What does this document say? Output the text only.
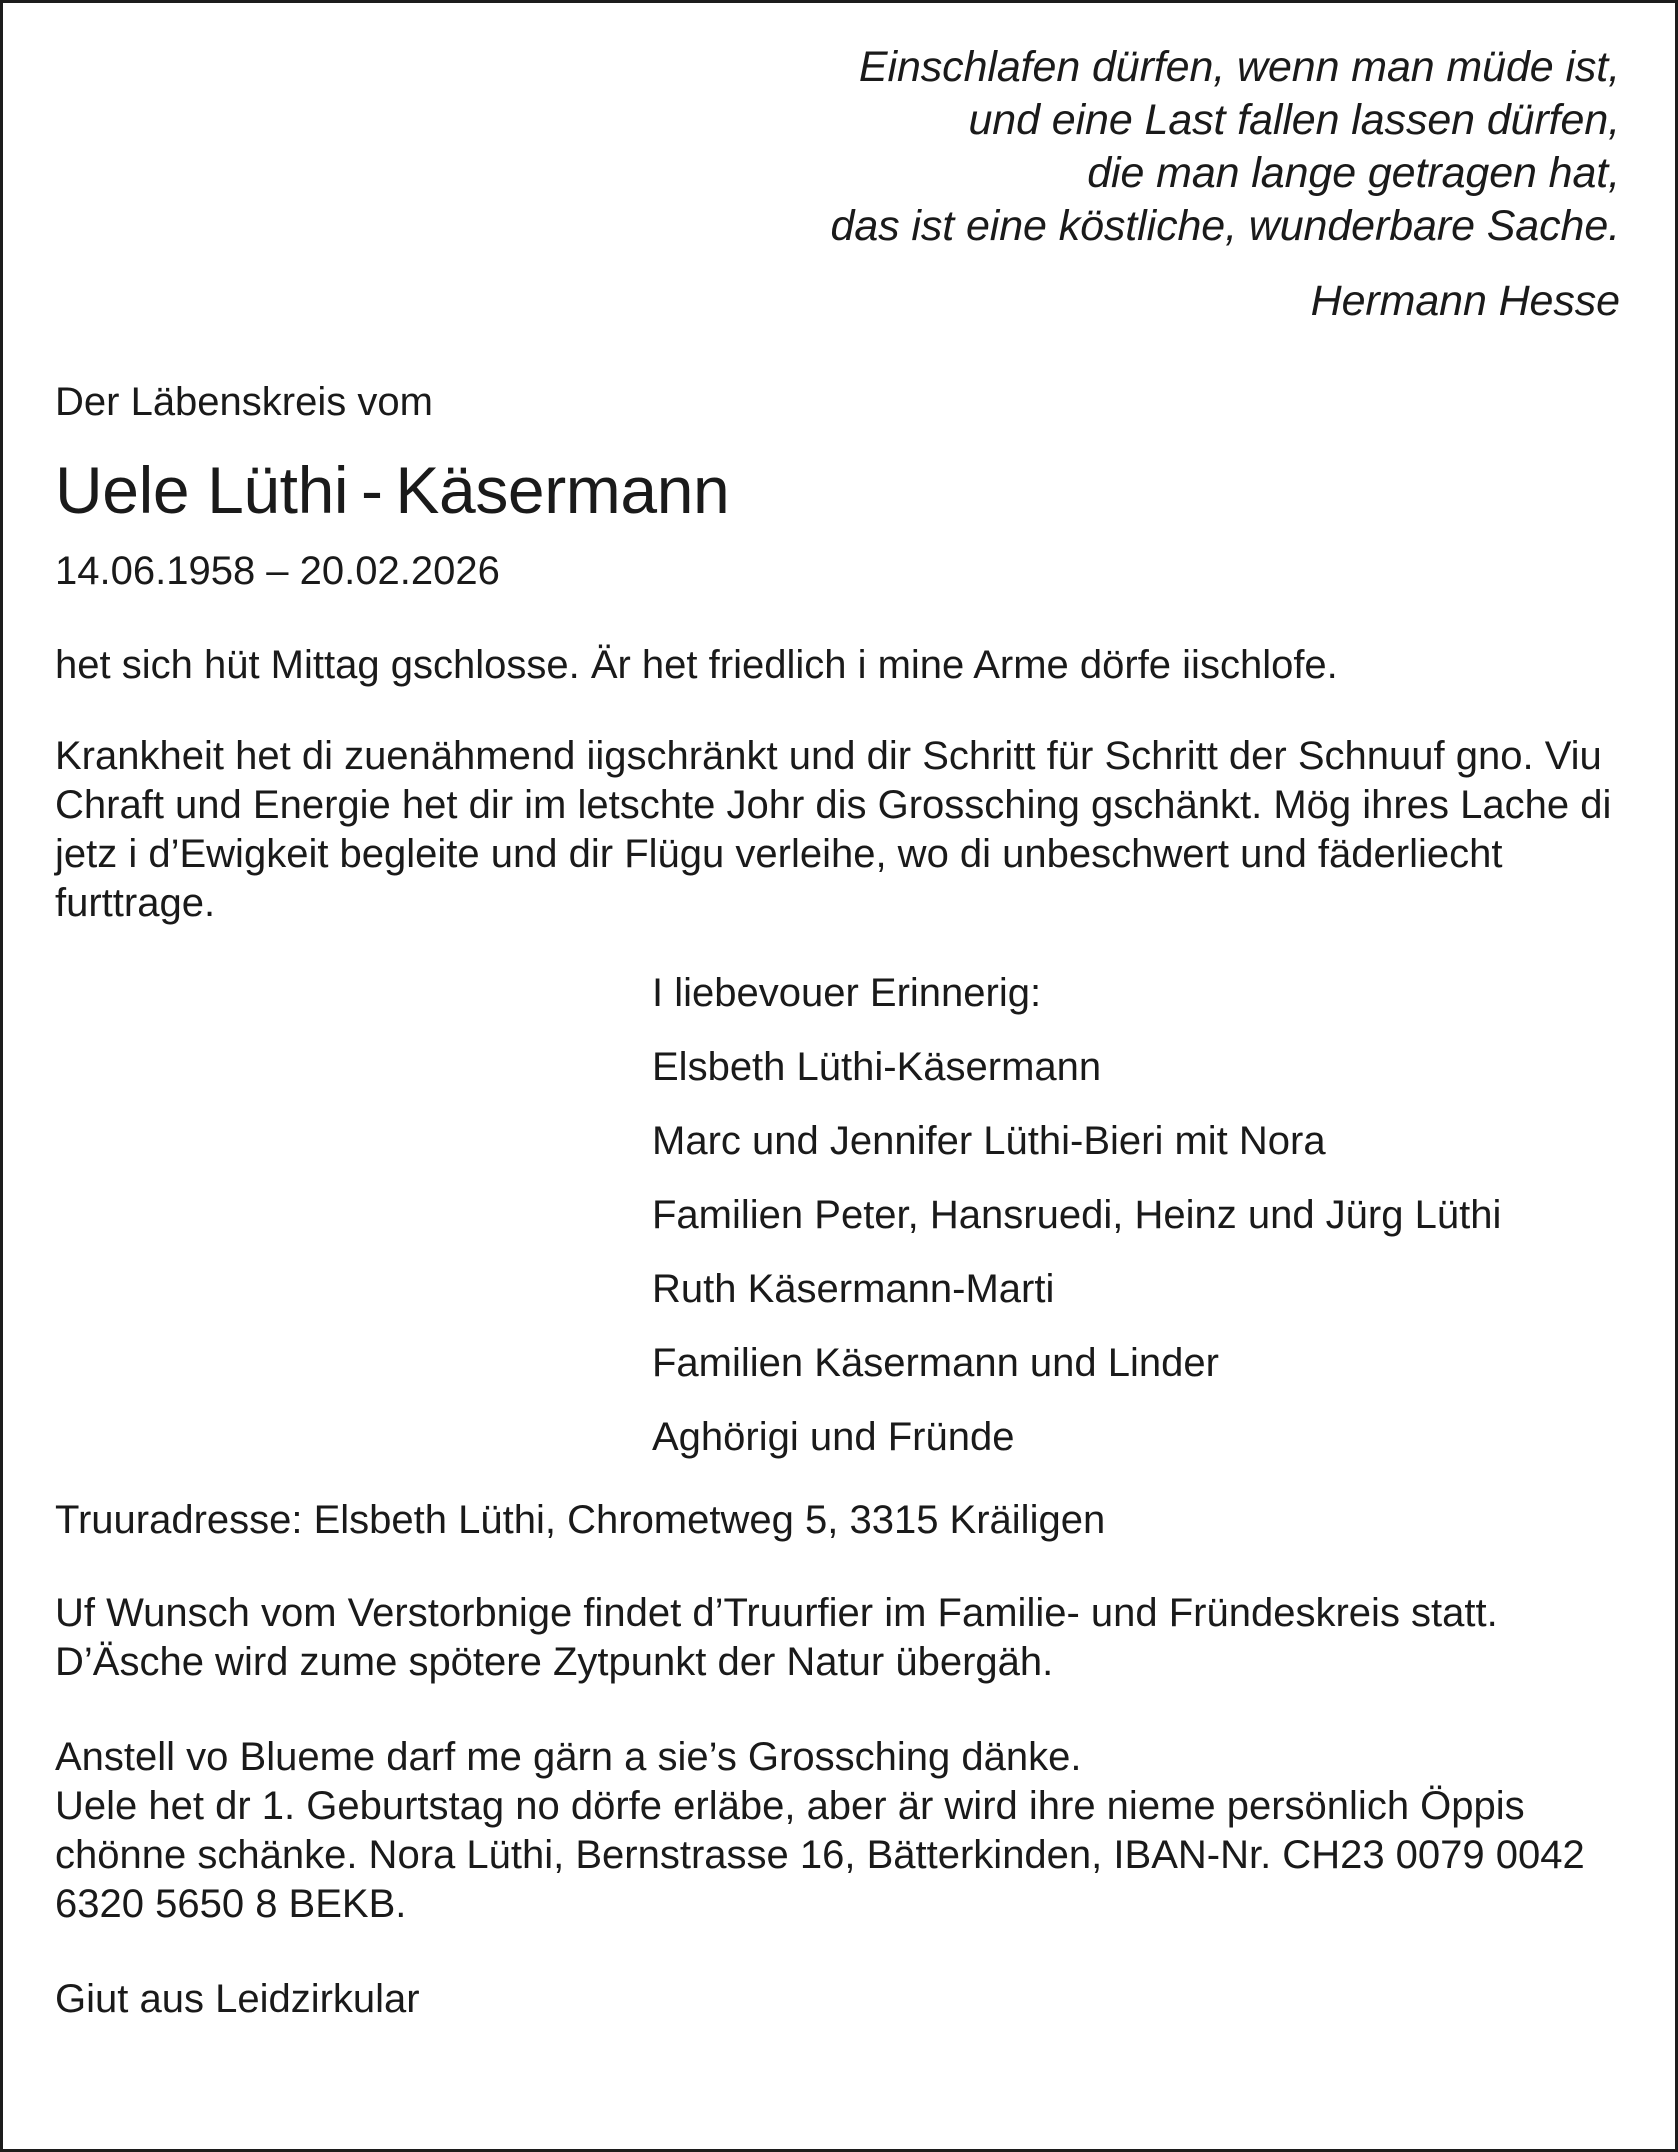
Einschlafen dürfen, wenn man müde ist,
und eine Last fallen lassen dürfen,
die man lange getragen hat,
das ist eine köstliche, wunderbare Sache.
Hermann Hesse
Der Läbenskreis vom
Uele Lüthi - Käsermann
14.06.1958 – 20.02.2026
het sich hüt Mittag gschlosse. Är het friedlich i mine Arme dörfe iischlofe.
Krankheit het di zuenähmend iigschränkt und dir Schritt für Schritt der Schnuuf gno. Viu Chraft und Energie het dir im letschte Johr dis Grossching gschänkt. Mög ihres Lache di jetz i d’Ewigkeit begleite und dir Flügu verleihe, wo di unbeschwert und fäderliecht furttrage.
I liebevouer Erinnerig:
Elsbeth Lüthi-Käsermann
Marc und Jennifer Lüthi-Bieri mit Nora
Familien Peter, Hansruedi, Heinz und Jürg Lüthi
Ruth Käsermann-Marti
Familien Käsermann und Linder
Aghörigi und Fründe
Truuradresse: Elsbeth Lüthi, Chrometweg 5, 3315 Kräiligen
Uf Wunsch vom Verstorbnige findet d’Truurfier im Familie- und Fründeskreis statt. D’Äsche wird zume spötere Zytpunkt der Natur übergäh.
Anstell vo Blueme darf me gärn a sie’s Grossching dänke.
Uele het dr 1. Geburtstag no dörfe erläbe, aber är wird ihre nieme persönlich Öppis chönne schänke. Nora Lüthi, Bernstrasse 16, Bätterkinden, IBAN-Nr. CH23 0079 0042 6320 5650 8 BEKB.
Giut aus Leidzirkular
